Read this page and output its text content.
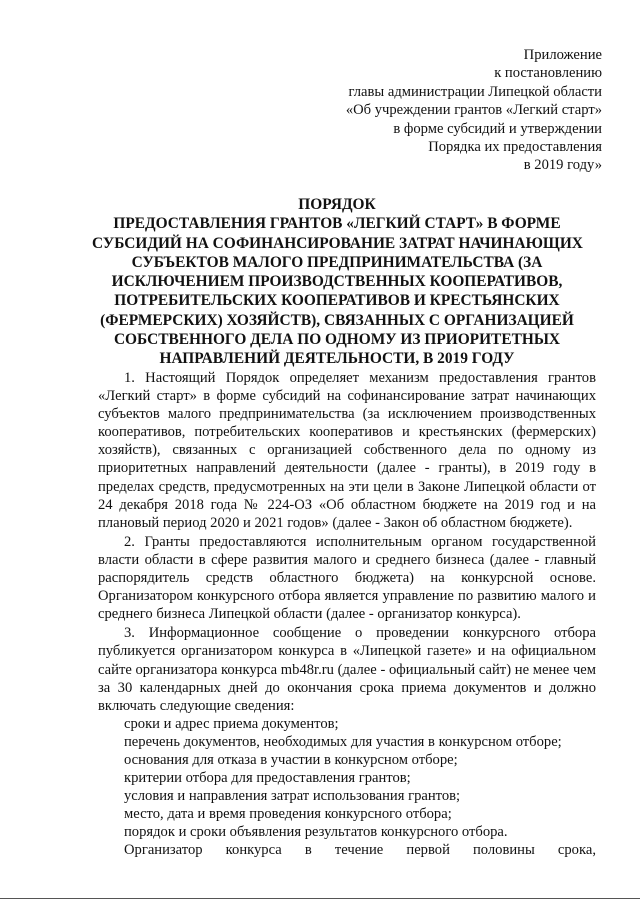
Приложение
к постановлению
главы администрации Липецкой области
«Об учреждении грантов «Легкий старт»
в форме субсидий и утверждении
Порядка их предоставления
в 2019 году»
ПОРЯДОК
ПРЕДОСТАВЛЕНИЯ ГРАНТОВ «ЛЕГКИЙ СТАРТ» В ФОРМЕ
СУБСИДИЙ НА СОФИНАНСИРОВАНИЕ ЗАТРАТ НАЧИНАЮЩИХ
СУБЪЕКТОВ МАЛОГО ПРЕДПРИНИМАТЕЛЬСТВА (ЗА
ИСКЛЮЧЕНИЕМ ПРОИЗВОДСТВЕННЫХ КООПЕРАТИВОВ,
ПОТРЕБИТЕЛЬСКИХ КООПЕРАТИВОВ И КРЕСТЬЯНСКИХ
(ФЕРМЕРСКИХ) ХОЗЯЙСТВ), СВЯЗАННЫХ С ОРГАНИЗАЦИЕЙ
СОБСТВЕННОГО ДЕЛА ПО ОДНОМУ ИЗ ПРИОРИТЕТНЫХ
НАПРАВЛЕНИЙ ДЕЯТЕЛЬНОСТИ, В 2019 ГОДУ
1. Настоящий Порядок определяет механизм предоставления грантов «Легкий старт» в форме субсидий на софинансирование затрат начинающих субъектов малого предпринимательства (за исключением производственных кооперативов, потребительских кооперативов и крестьянских (фермерских) хозяйств), связанных с организацией собственного дела по одному из приоритетных направлений деятельности (далее - гранты), в 2019 году в пределах средств, предусмотренных на эти цели в Законе Липецкой области от 24 декабря 2018 года № 224-ОЗ «Об областном бюджете на 2019 год и на плановый период 2020 и 2021 годов» (далее - Закон об областном бюджете).
2. Гранты предоставляются исполнительным органом государственной власти области в сфере развития малого и среднего бизнеса (далее - главный распорядитель средств областного бюджета) на конкурсной основе. Организатором конкурсного отбора является управление по развитию малого и среднего бизнеса Липецкой области (далее - организатор конкурса).
3. Информационное сообщение о проведении конкурсного отбора публикуется организатором конкурса в «Липецкой газете» и на официальном сайте организатора конкурса mb48r.ru (далее - официальный сайт) не менее чем за 30 календарных дней до окончания срока приема документов и должно включать следующие сведения:
сроки и адрес приема документов;
перечень документов, необходимых для участия в конкурсном отборе;
основания для отказа в участии в конкурсном отборе;
критерии отбора для предоставления грантов;
условия и направления затрат использования грантов;
место, дата и время проведения конкурсного отбора;
порядок и сроки объявления результатов конкурсного отбора.
Организатор конкурса в течение первой половины срока,
